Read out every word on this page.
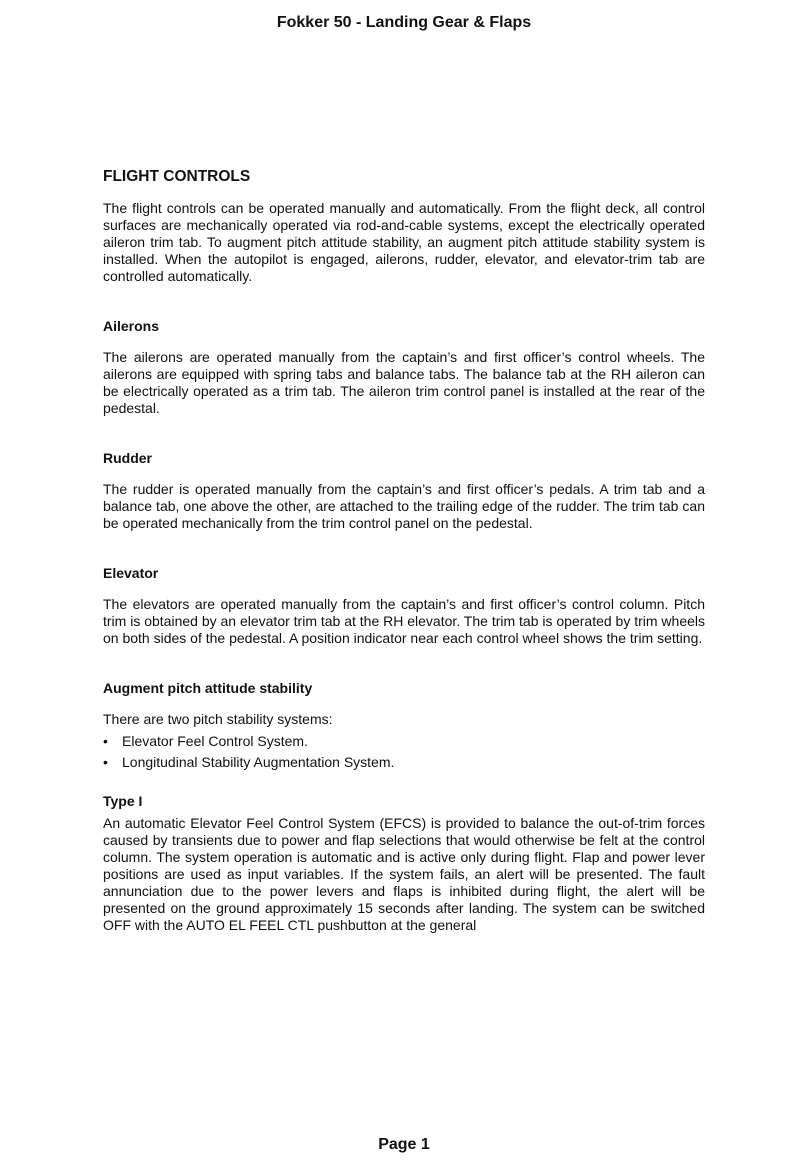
Fokker 50 - Landing Gear & Flaps
FLIGHT CONTROLS

The flight controls can be operated manually and automatically. From the flight deck, all control surfaces are mechanically operated via rod-and-cable systems, except the electrically operated aileron trim tab. To augment pitch attitude stability, an augment pitch attitude stability system is installed. When the autopilot is engaged, ailerons, rudder, elevator, and elevator-trim tab are controlled automatically.

Ailerons

The ailerons are operated manually from the captain’s and first officer’s control wheels. The ailerons are equipped with spring tabs and balance tabs. The balance tab at the RH aileron can be electrically operated as a trim tab. The aileron trim control panel is installed at the rear of the pedestal.

Rudder

The rudder is operated manually from the captain’s and first officer’s pedals. A trim tab and a balance tab, one above the other, are attached to the trailing edge of the rudder. The trim tab can be operated mechanically from the trim control panel on the pedestal.

Elevator

The elevators are operated manually from the captain’s and first officer’s control column. Pitch trim is obtained by an elevator trim tab at the RH elevator. The trim tab is operated by trim wheels on both sides of the pedestal. A position indicator near each control wheel shows the trim setting.

Augment pitch attitude stability

There are two pitch stability systems:

• Elevator Feel Control System.
• Longitudinal Stability Augmentation System.
Type I

An automatic Elevator Feel Control System (EFCS) is provided to balance the out-of-trim forces caused by transients due to power and flap selections that would otherwise be felt at the control column. The system operation is automatic and is active only during flight. Flap and power lever positions are used as input variables. If the system fails, an alert will be presented. The fault annunciation due to the power levers and flaps is inhibited during flight, the alert will be presented on the ground approximately 15 seconds after landing. The system can be switched OFF with the AUTO EL FEEL CTL pushbutton at the general

Page 1
